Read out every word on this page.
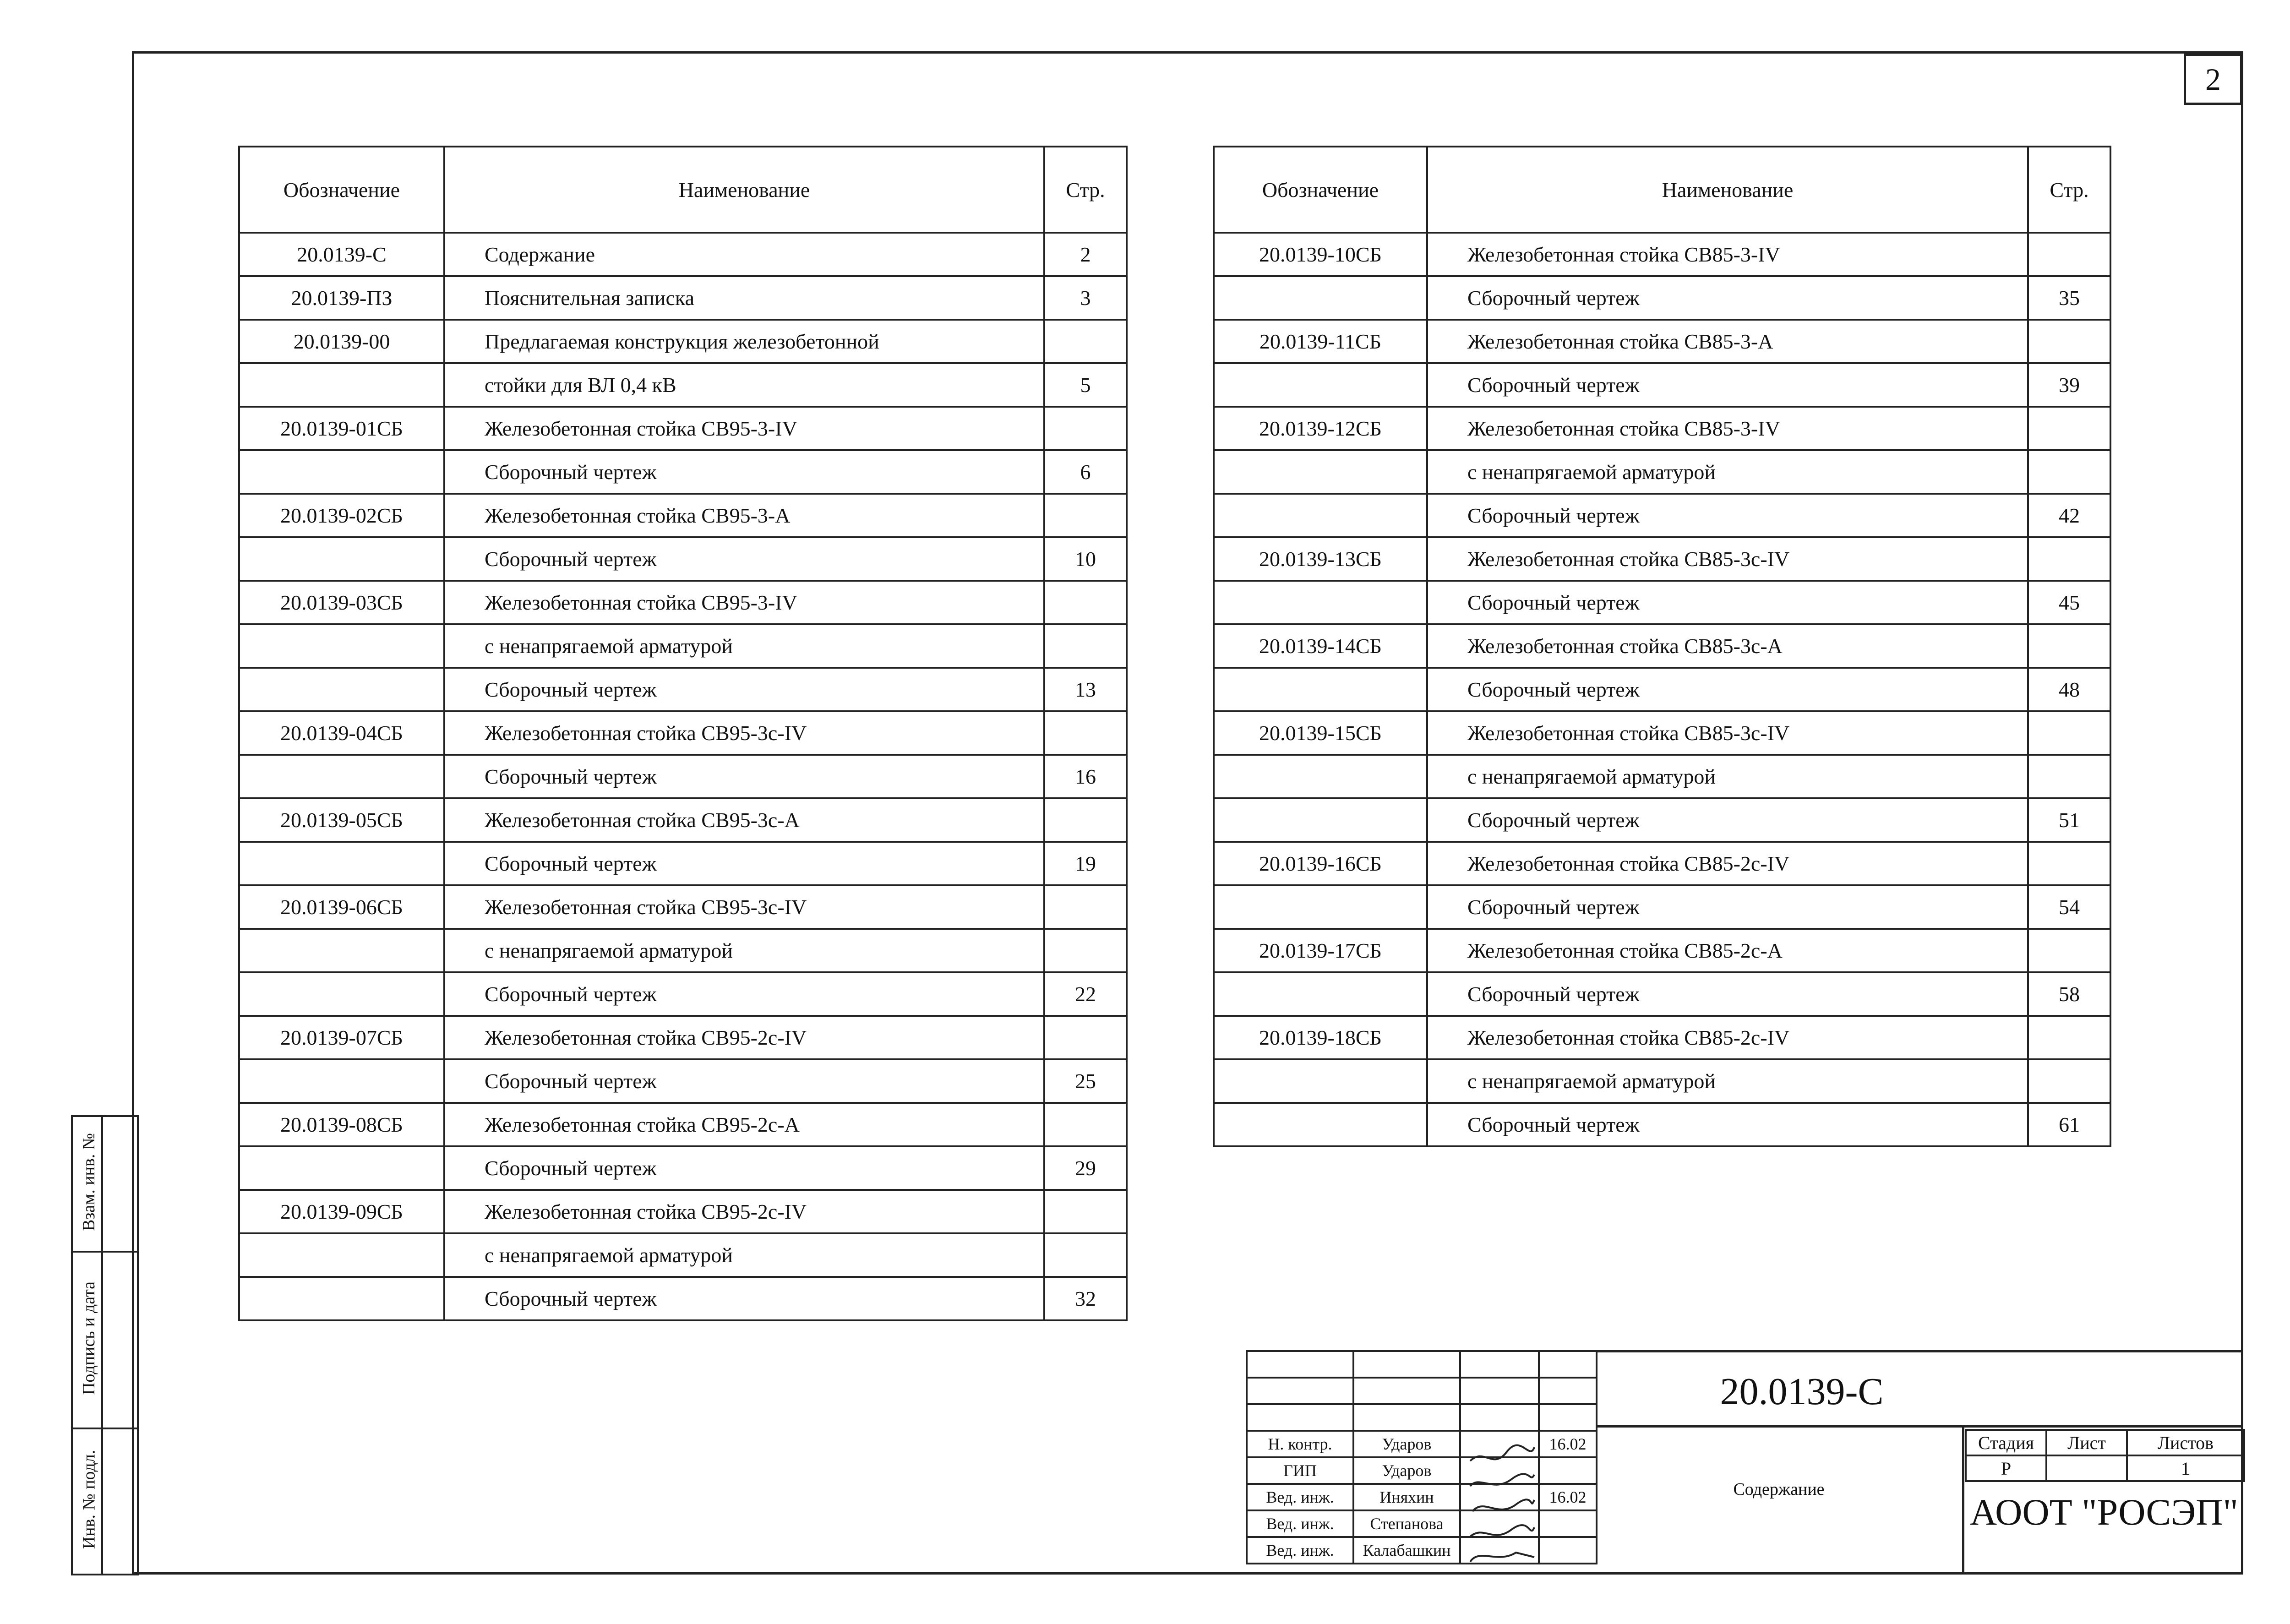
2
Обозначение	Наименование	Стр.
20.0139-С	Содержание	2
20.0139-ПЗ	Пояснительная записка	3
20.0139-00	Предлагаемая конструкция железобетонной	
	стойки для ВЛ 0,4 кВ	5
20.0139-01СБ	Железобетонная стойка СВ95-3-IV	
	Сборочный чертеж	6
20.0139-02СБ	Железобетонная стойка СВ95-3-А	
	Сборочный чертеж	10
20.0139-03СБ	Железобетонная стойка СВ95-3-IV	
	с ненапрягаемой арматурой	
	Сборочный чертеж	13
20.0139-04СБ	Железобетонная стойка СВ95-3с-IV	
	Сборочный чертеж	16
20.0139-05СБ	Железобетонная стойка СВ95-3с-А	
	Сборочный чертеж	19
20.0139-06СБ	Железобетонная стойка СВ95-3с-IV	
	с ненапрягаемой арматурой	
	Сборочный чертеж	22
20.0139-07СБ	Железобетонная стойка СВ95-2с-IV	
	Сборочный чертеж	25
20.0139-08СБ	Железобетонная стойка СВ95-2с-А	
	Сборочный чертеж	29
20.0139-09СБ	Железобетонная стойка СВ95-2с-IV	
	с ненапрягаемой арматурой	
	Сборочный чертеж	32
Обозначение	Наименование	Стр.
20.0139-10СБ	Железобетонная стойка СВ85-3-IV	
	Сборочный чертеж	35
20.0139-11СБ	Железобетонная стойка СВ85-3-А	
	Сборочный чертеж	39
20.0139-12СБ	Железобетонная стойка СВ85-3-IV	
	с ненапрягаемой арматурой	
	Сборочный чертеж	42
20.0139-13СБ	Железобетонная стойка СВ85-3с-IV	
	Сборочный чертеж	45
20.0139-14СБ	Железобетонная стойка СВ85-3с-А	
	Сборочный чертеж	48
20.0139-15СБ	Железобетонная стойка СВ85-3с-IV	
	с ненапрягаемой арматурой	
	Сборочный чертеж	51
20.0139-16СБ	Железобетонная стойка СВ85-2с-IV	
	Сборочный чертеж	54
20.0139-17СБ	Железобетонная стойка СВ85-2с-А	
	Сборочный чертеж	58
20.0139-18СБ	Железобетонная стойка СВ85-2с-IV	
	с ненапрягаемой арматурой	
	Сборочный чертеж	61
Взам. инв. №
Подпись и дата
Инв. № подл.

Н. контр.	Ударов		16.02
ГИП	Ударов		
Вед. инж.	Иняхин		16.02
Вед. инж.	Степанова		
Вед. инж.	Калабашкин		
20.0139-С
Содержание
Стадия	Лист	Листов
Р		1
АООТ "РОСЭП"
